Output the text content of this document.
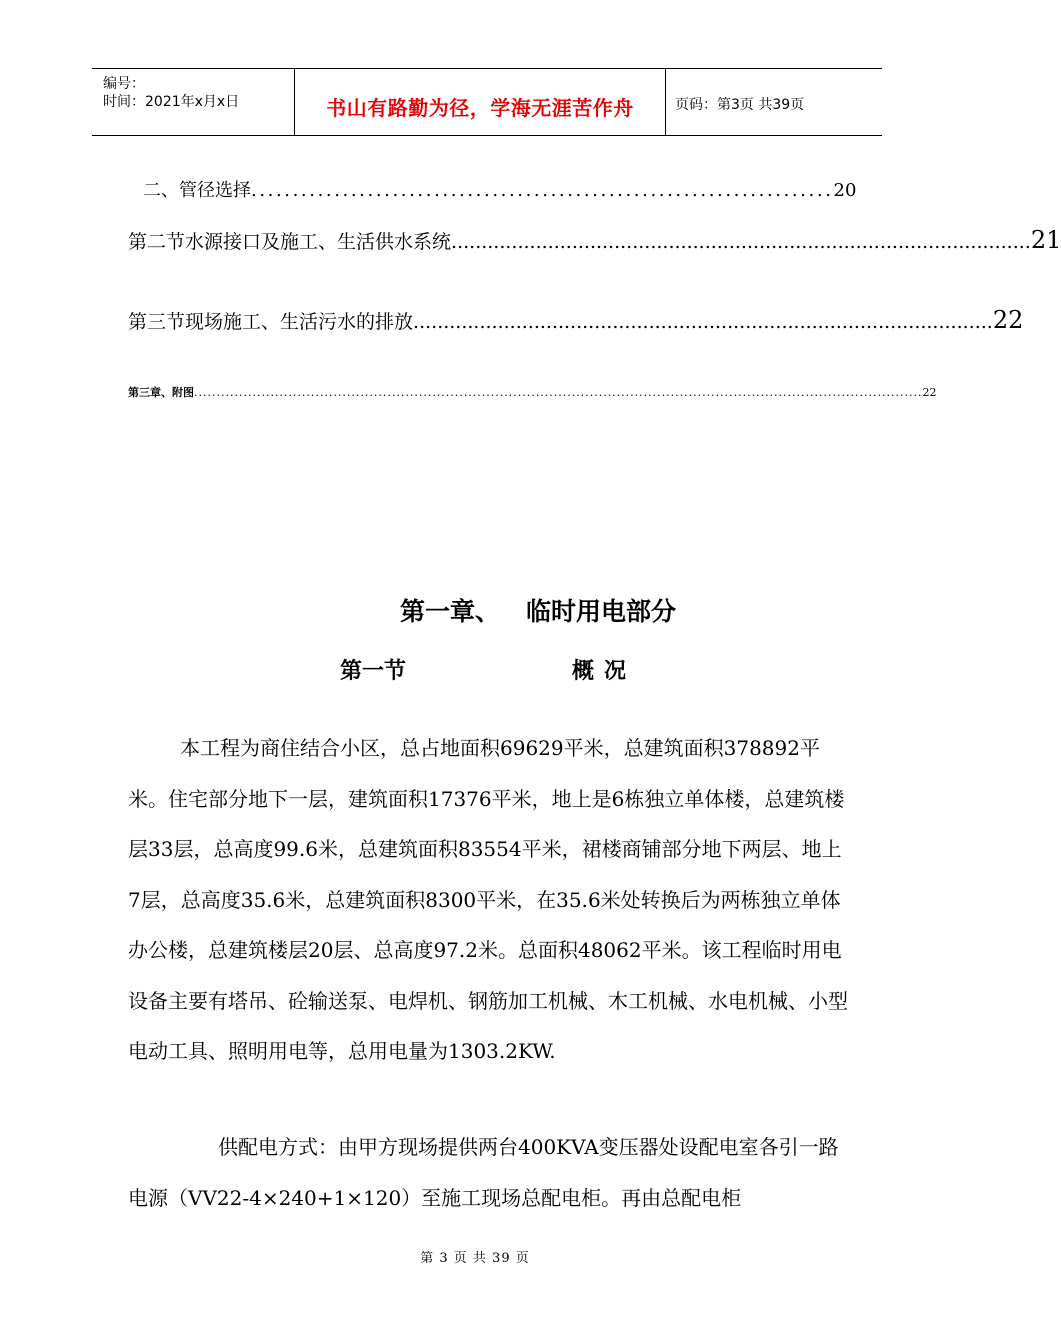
编号：
时间：2021年x月x日	书山有路勤为径，学海无涯苦作舟	页码：第3页 共39页
二、 管径选择 ...................................................................... 20
第二节 水源接口及施工、生活供水系统 ................................................................................................ 21
第三节 现场施工、生活污水的排放 ................................................................................................ 22
第三章、 附图 .................................................................................................................................................................. 22
第一章、 临时用电部分
第一节	概况

本工程为商住结合小区，总占地面积69629平米，总建筑面积378892平米。住宅部分地下一层，建筑面积17376平米，地上是6栋独立单体楼，总建筑楼层33层，总高度99.6米，总建筑面积83554平米，裙楼商铺部分地下两层、地上7层，总高度35.6米，总建筑面积8300平米，在35.6米处转换后为两栋独立单体办公楼，总建筑楼层20层、总高度97.2米。总面积48062平米。该工程临时用电设备主要有塔吊、砼输送泵、电焊机、钢筋加工机械、木工机械、水电机械、小型电动工具、照明用电等，总用电量为1303.2KW.

供配电方式：由甲方现场提供两台400KVA变压器处设配电室各引一路电源（VV22-4×240+1×120）至施工现场总配电柜。再由总配电柜

第 3 页 共 39 页
